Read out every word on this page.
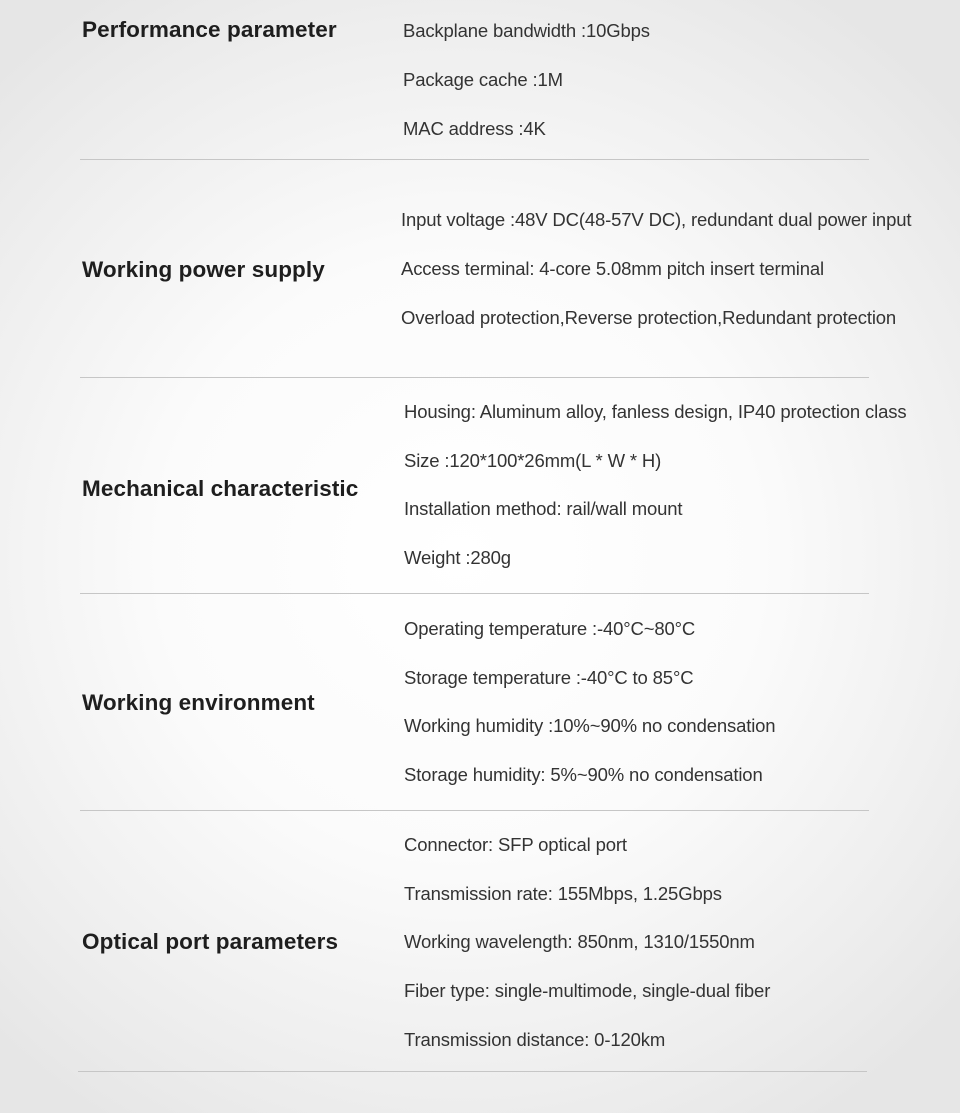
Performance parameter	Backplane bandwidth :10Gbps
Package cache :1M
MAC address :4K
Working power supply
Input voltage :48V DC(48-57V DC), redundant dual power input
Access terminal: 4-core 5.08mm pitch insert terminal
Overload protection,Reverse protection,Redundant protection
Mechanical characteristic
Housing: Aluminum alloy, fanless design, IP40 protection class
Size :120*100*26mm(L * W * H)
Installation method: rail/wall mount
Weight :280g
Working environment
Operating temperature :-40°C~80°C
Storage temperature :-40°C to 85°C
Working humidity :10%~90% no condensation
Storage humidity: 5%~90% no condensation
Optical port parameters
Connector: SFP optical port
Transmission rate: 155Mbps, 1.25Gbps
Working wavelength: 850nm, 1310/1550nm
Fiber type: single-multimode, single-dual fiber
Transmission distance: 0-120km
